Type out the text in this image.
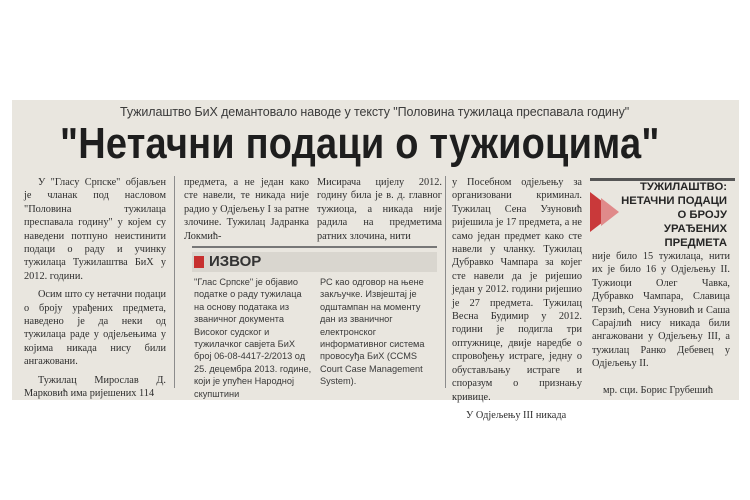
Тужилаштво БиХ демантовало наводе у тексту "Половина тужилаца преспавала годину"
"Нетачни подаци о тужиоцима"

У "Гласу Српске" објављен је чланак под насловом "Половина тужилаца преспавала годину" у којем су наведени потпуно нeистинити подаци о раду и учинку тужилаца Тужилаштва БиХ у 2012. години.

Осим што су нетачни подаци о броју урађених предмета, наведено је да неки од тужилаца раде у одјељењима у којима никада нису били ангажовани.

Тужилац Мирослав Д. Марковић има ријешених 114

предмета, а не један како сте навели, те никада није радио у Одјељењу I за ратне злочине. Тужилац Јадранка Локмић-

Мисирача цијелу 2012. годину била је в. д. главног тужиоца, а никада није радила на предметима ратних злочина, нити

ИЗВОР
"Глас Српске" је објавио податке о раду тужилаца на основу података из званичног документа Високог судског и тужилачког савјета БиХ број 06-08-4417-2/2013 од 25. децембра 2013. године, који је упућен Народној скупштини
РС као одговор на њене закључке. Извјештај је одштампан на моменту дан из званичног електронског информативног система провосуђа БиХ (CCMS Court Case Management System).

у Посебном одјељењу за организовани криминал. Тужилац Сена Узуновић ријешила је 17 предмета, а не само један предмет како сте навели у чланку. Тужилац Дубравко Чампара за којег сте навели да је ријешио један у 2012. години ријешио је 27 предмета. Тужилац Весна Будимир у 2012. години је подигла три оптужнице, двије наредбе о спровођењу истраге, једну о обустављању истраге и споразум о признању кривице.

У Одјељењу III никада

ТУЖИЛАШТВО: НЕТАЧНИ ПОДАЦИ О БРОЈУ УРАЂЕНИХ ПРЕДМЕТА

није било 15 тужилаца, нити их је било 16 у Одјељењу II. Тужиоци Олег Чавка, Дубравко Чампара, Славица Терзић, Сена Узуновић и Саша Сарајлић нису никада били ангажовани у Одјељењу III, а тужилац Ранко Дебевец у Одјељењу II.

мр. сци. Борис Грубешић
